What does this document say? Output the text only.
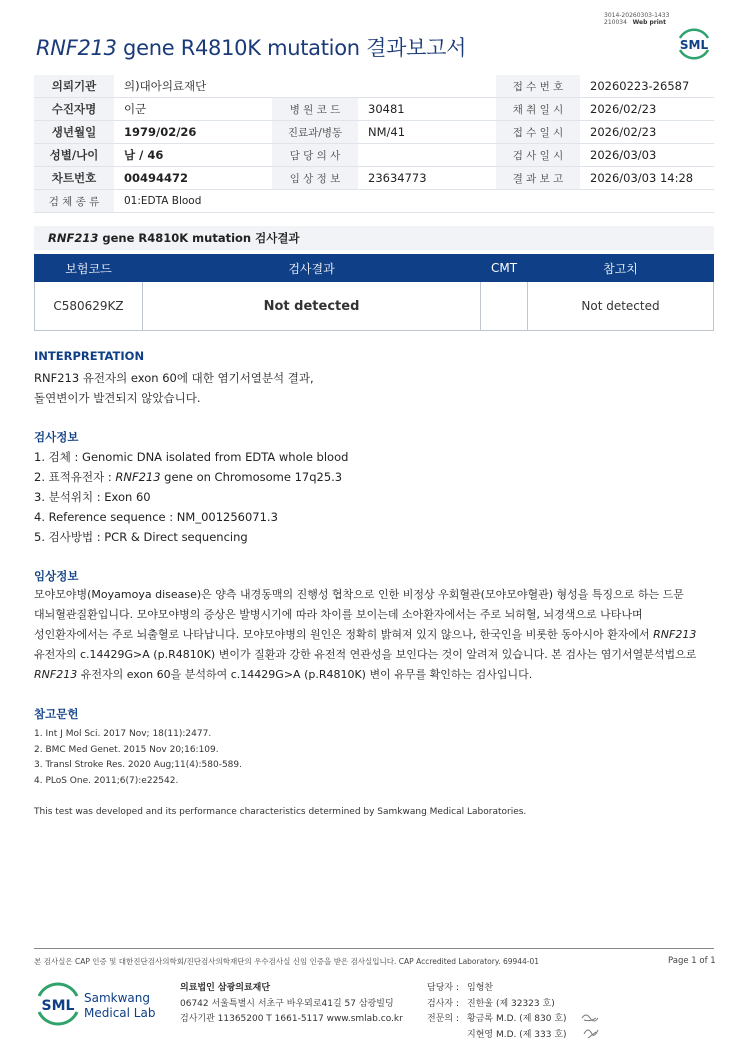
3014-20260303-1433
210034 Web print
RNF213 gene R4810K mutation 결과보고서	SML
의뢰기관	의)대아의료재단			접 수 번 호	20260223-26587
수진자명	이군	병 원 코 드	30481	채 취 일 시	2026/02/23
생년월일	1979/02/26	진료과/병동	NM/41	접 수 일 시	2026/02/23
성별/나이	남 / 46	담 당 의 사		검 사 일 시	2026/03/03
차트번호	00494472	임 상 정 보	23634773	결 과 보 고	2026/03/03 14:28
검 체 종 류	01:EDTA Blood				
RNF213 gene R4810K mutation 검사결과
보험코드	검사결과	CMT	참고치
C580629KZ	Not detected		Not detected
INTERPRETATION
RNF213 유전자의 exon 60에 대한 염기서열분석 결과,
돌연변이가 발견되지 않았습니다.
검사정보
1. 검체 : Genomic DNA isolated from EDTA whole blood
2. 표적유전자 : RNF213 gene on Chromosome 17q25.3
3. 분석위치 : Exon 60
4. Reference sequence : NM_001256071.3
5. 검사방법 : PCR & Direct sequencing
임상정보
모야모야병(Moyamoya disease)은 양측 내경동맥의 진행성 협착으로 인한 비정상 우회혈관(모야모야혈관) 형성을 특징으로 하는 드문
대뇌혈관질환입니다. 모야모야병의 증상은 발병시기에 따라 차이를 보이는데 소아환자에서는 주로 뇌허혈, 뇌경색으로 나타나며
성인환자에서는 주로 뇌출혈로 나타납니다. 모야모야병의 원인은 정확히 밝혀져 있지 않으나, 한국인을 비롯한 동아시아 환자에서 RNF213
유전자의 c.14429G>A (p.R4810K) 변이가 질환과 강한 유전적 연관성을 보인다는 것이 알려져 있습니다. 본 검사는 염기서열분석법으로
RNF213 유전자의 exon 60을 분석하여 c.14429G>A (p.R4810K) 변이 유무를 확인하는 검사입니다.
참고문헌
1. Int J Mol Sci. 2017 Nov; 18(11):2477.
2. BMC Med Genet. 2015 Nov 20;16:109.
3. Transl Stroke Res. 2020 Aug;11(4):580-589.
4. PLoS One. 2011;6(7):e22542.
This test was developed and its performance characteristics determined by Samkwang Medical Laboratories.
본 검사실은 CAP 인증 및 대한진단검사의학회/진단검사의학재단의 우수검사실 신임 인증을 받은 검사실입니다. CAP Accredited Laboratory. 69944-01	Page 1 of 1
SML Samkwang
Medical Lab
의료법인 삼광의료재단
06742 서울특별시 서초구 바우뫼로41길 57 삼광빌딩
검사기관 11365200 T 1661-5117 www.smlab.co.kr
담당자 : 임형찬
검사자 : 진한울 (제 32323 호)
전문의 : 황금록 M.D. (제 830 호)
지현영 M.D. (제 333 호)
